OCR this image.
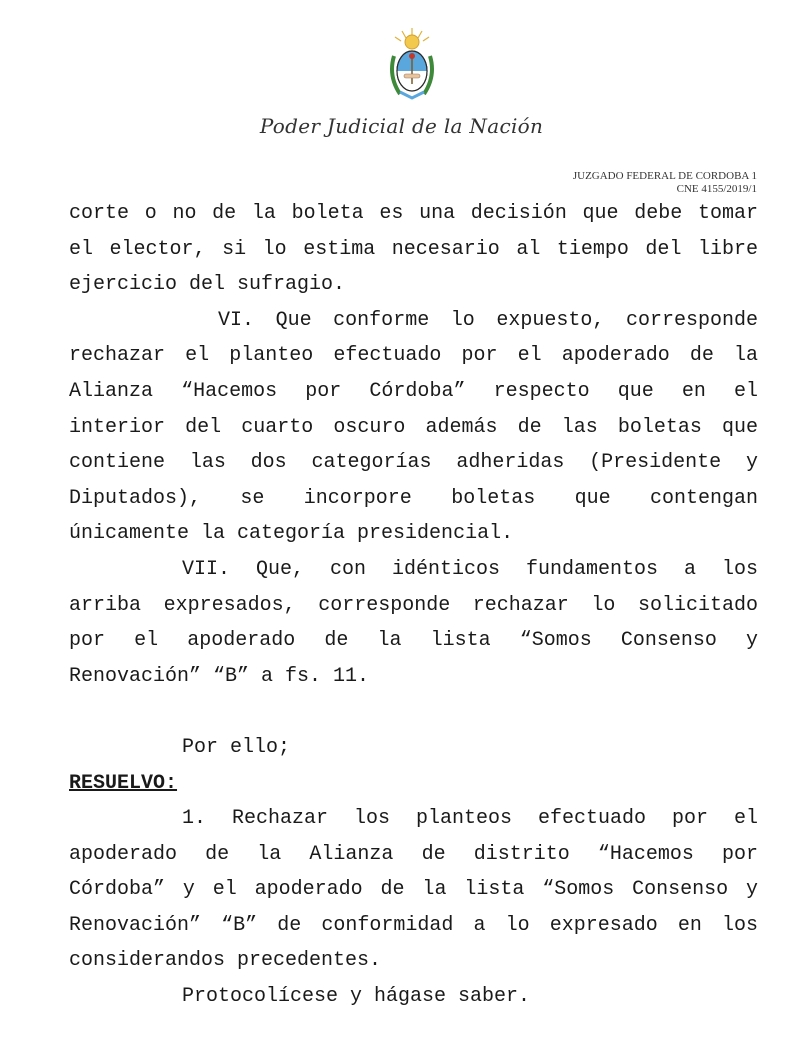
Poder Judicial de la Nación
JUZGADO FEDERAL DE CORDOBA 1
CNE 4155/2019/1
corte o no de la boleta es una decisión que debe tomar
el elector, si lo estima necesario al tiempo del libre
ejercicio del sufragio.
VI. Que conforme lo expuesto, corresponde
rechazar el planteo efectuado por el apoderado de la
Alianza “Hacemos por Córdoba” respecto que en el
interior del cuarto oscuro además de las boletas que
contiene las dos categorías adheridas (Presidente y
Diputados), se incorpore boletas que contengan
únicamente la categoría presidencial.
VII. Que, con idénticos fundamentos a los
arriba expresados, corresponde rechazar lo solicitado
por el apoderado de la lista “Somos Consenso y
Renovación” “B” a fs. 11.
Por ello;
RESUELVO:
1. Rechazar los planteos efectuado por el
apoderado de la Alianza de distrito “Hacemos por
Córdoba” y el apoderado de la lista “Somos Consenso y
Renovación” “B” de conformidad a lo expresado en los
considerandos precedentes.
Protocolícese y hágase saber.
